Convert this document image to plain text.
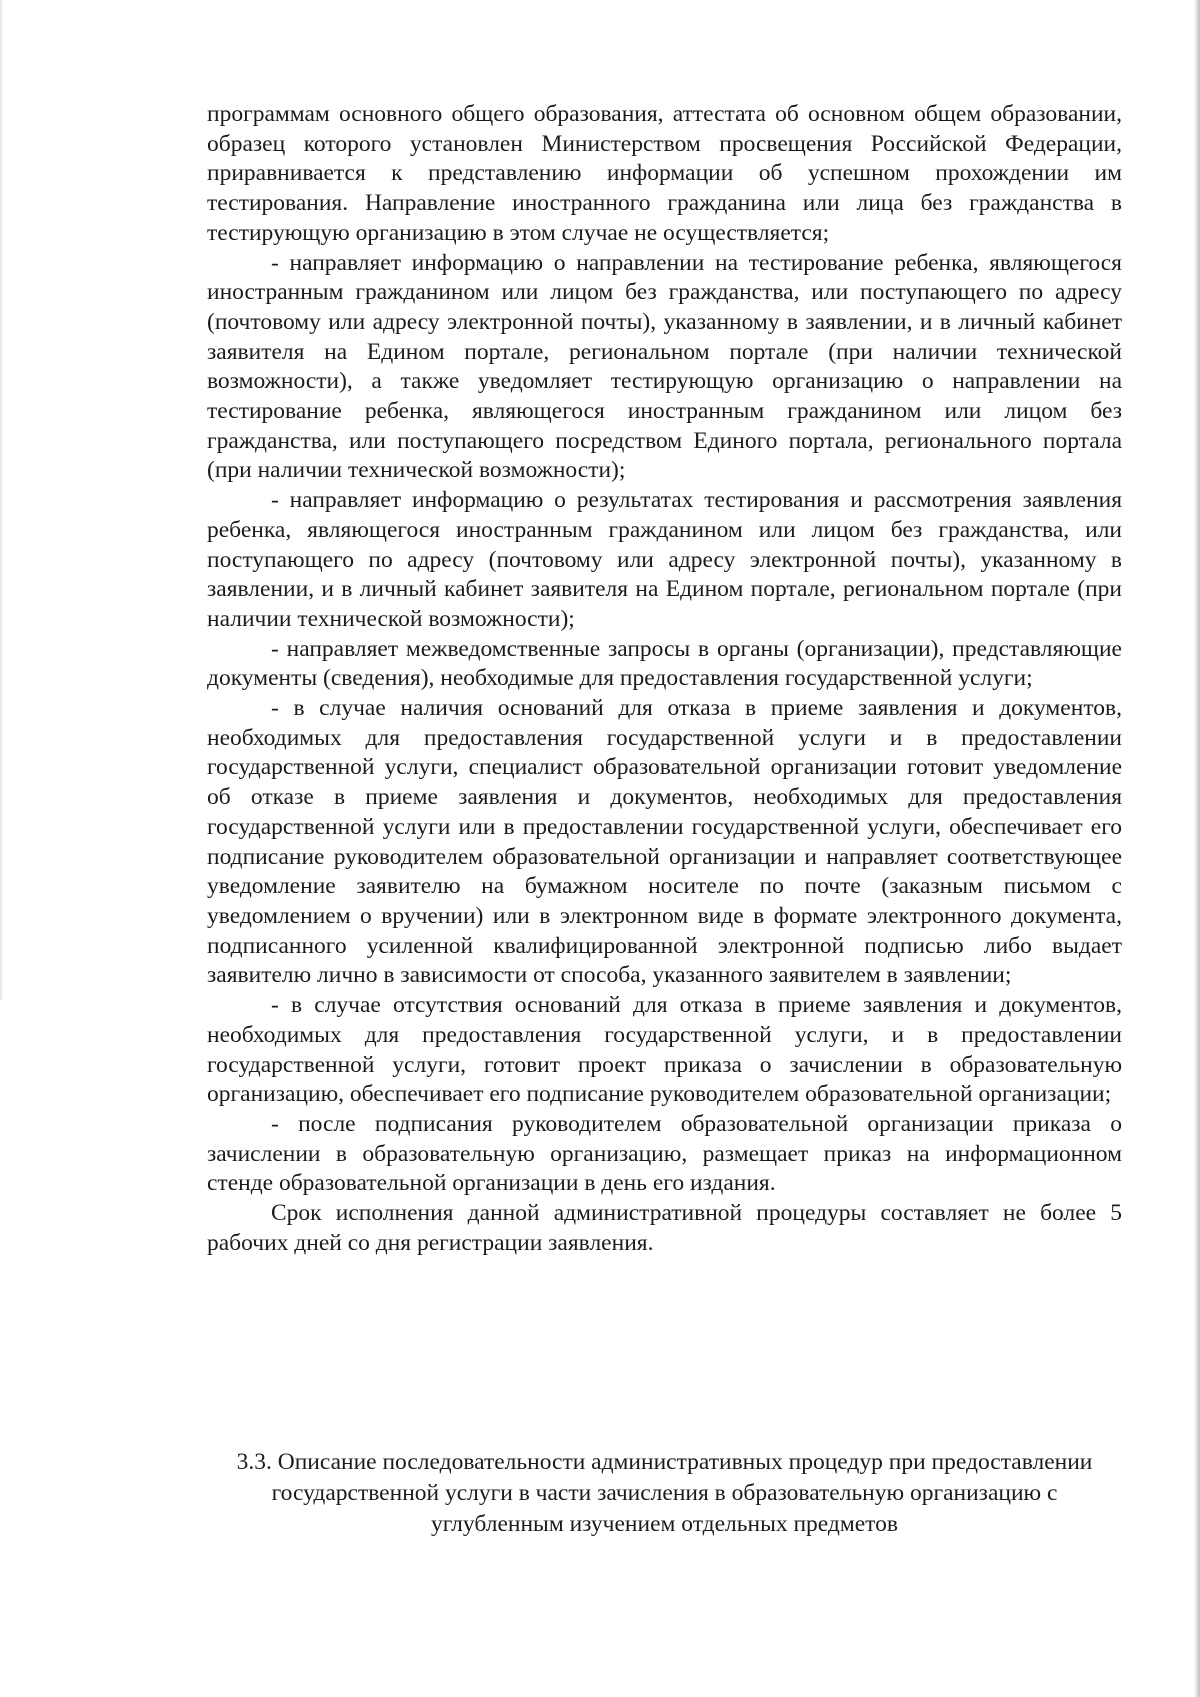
программам основного общего образования, аттестата об основном общем образовании, образец которого установлен Министерством просвещения Российской Федерации, приравнивается к представлению информации об успешном прохождении им тестирования. Направление иностранного гражданина или лица без гражданства в тестирующую организацию в этом случае не осуществляется;

- направляет информацию о направлении на тестирование ребенка, являющегося иностранным гражданином или лицом без гражданства, или поступающего по адресу (почтовому или адресу электронной почты), указанному в заявлении, и в личный кабинет заявителя на Едином портале, региональном портале (при наличии технической возможности), а также уведомляет тестирующую организацию о направлении на тестирование ребенка, являющегося иностранным гражданином или лицом без гражданства, или поступающего посредством Единого портала, регионального портала (при наличии технической возможности);

- направляет информацию о результатах тестирования и рассмотрения заявления ребенка, являющегося иностранным гражданином или лицом без гражданства, или поступающего по адресу (почтовому или адресу электронной почты), указанному в заявлении, и в личный кабинет заявителя на Едином портале, региональном портале (при наличии технической возможности);

- направляет межведомственные запросы в органы (организации), представляющие документы (сведения), необходимые для предоставления государственной услуги;

- в случае наличия оснований для отказа в приеме заявления и документов, необходимых для предоставления государственной услуги и в предоставлении государственной услуги, специалист образовательной организации готовит уведомление об отказе в приеме заявления и документов, необходимых для предоставления государственной услуги или в предоставлении государственной услуги, обеспечивает его подписание руководителем образовательной организации и направляет соответствующее уведомление заявителю на бумажном носителе по почте (заказным письмом с уведомлением о вручении) или в электронном виде в формате электронного документа, подписанного усиленной квалифицированной электронной подписью либо выдает заявителю лично в зависимости от способа, указанного заявителем в заявлении;

- в случае отсутствия оснований для отказа в приеме заявления и документов, необходимых для предоставления государственной услуги, и в предоставлении государственной услуги, готовит проект приказа о зачислении в образовательную организацию, обеспечивает его подписание руководителем образовательной организации;

- после подписания руководителем образовательной организации приказа о зачислении в образовательную организацию, размещает приказ на информационном стенде образовательной организации в день его издания.

Срок исполнения данной административной процедуры составляет не более 5 рабочих дней со дня регистрации заявления.

3.3. Описание последовательности административных процедур при предоставлении государственной услуги в части зачисления в образовательную организацию с углубленным изучением отдельных предметов
